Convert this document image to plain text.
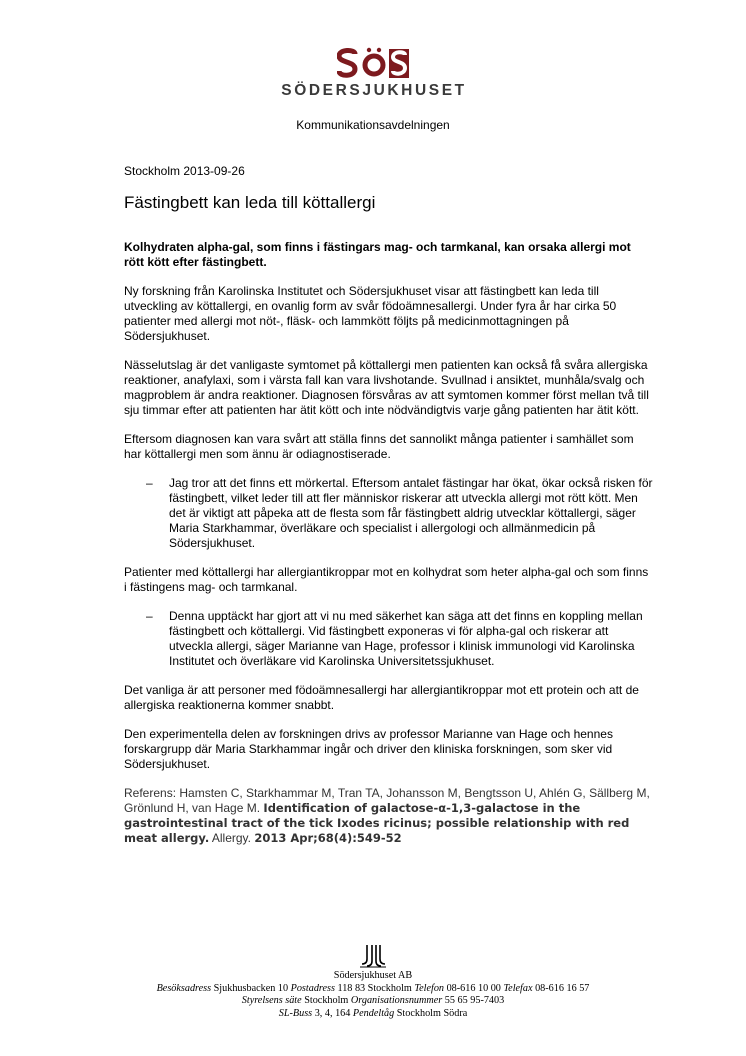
SÖDERSJUKHUSET
Kommunikationsavdelningen
Stockholm 2013-09-26
Fästingbett kan leda till köttallergi

Kolhydraten alpha-gal, som finns i fästingars mag- och tarmkanal, kan orsaka allergi mot rött kött efter fästingbett.

Ny forskning från Karolinska Institutet och Södersjukhuset visar att fästingbett kan leda till utveckling av köttallergi, en ovanlig form av svår födoämnesallergi. Under fyra år har cirka 50 patienter med allergi mot nöt-, fläsk- och lammkött följts på medicinmottagningen på Södersjukhuset.

Nässelutslag är det vanligaste symtomet på köttallergi men patienten kan också få svåra allergiska reaktioner, anafylaxi, som i värsta fall kan vara livshotande. Svullnad i ansiktet, munhåla/svalg och magproblem är andra reaktioner. Diagnosen försvåras av att symtomen kommer först mellan två till sju timmar efter att patienten har ätit kött och inte nödvändigtvis varje gång patienten har ätit kött.

Eftersom diagnosen kan vara svårt att ställa finns det sannolikt många patienter i samhället som har köttallergi men som ännu är odiagnostiserade.

–	Jag tror att det finns ett mörkertal. Eftersom antalet fästingar har ökat, ökar också risken för fästingbett, vilket leder till att fler människor riskerar att utveckla allergi mot rött kött. Men det är viktigt att påpeka att de flesta som får fästingbett aldrig utvecklar köttallergi, säger Maria Starkhammar, överläkare och specialist i allergologi och allmänmedicin på Södersjukhuset.

Patienter med köttallergi har allergiantikroppar mot en kolhydrat som heter alpha-gal och som finns i fästingens mag- och tarmkanal.

–	Denna upptäckt har gjort att vi nu med säkerhet kan säga att det finns en koppling mellan fästingbett och köttallergi. Vid fästingbett exponeras vi för alpha-gal och riskerar att utveckla allergi, säger Marianne van Hage, professor i klinisk immunologi vid Karolinska Institutet och överläkare vid Karolinska Universitetssjukhuset.

Det vanliga är att personer med födoämnesallergi har allergiantikroppar mot ett protein och att de allergiska reaktionerna kommer snabbt.

Den experimentella delen av forskningen drivs av professor Marianne van Hage och hennes forskargrupp där Maria Starkhammar ingår och driver den kliniska forskningen, som sker vid Södersjukhuset.

Referens: Hamsten C, Starkhammar M, Tran TA, Johansson M, Bengtsson U, Ahlén G, Sällberg M, Grönlund H, van Hage M. Identification of galactose-α-1,3-galactose in the gastrointestinal tract of the tick Ixodes ricinus; possible relationship with red meat allergy. Allergy. 2013 Apr;68(4):549-52

Södersjukhuset AB
Besöksadress Sjukhusbacken 10 Postadress 118 83 Stockholm Telefon 08-616 10 00 Telefax 08-616 16 57
Styrelsens säte Stockholm Organisationsnummer 55 65 95-7403
SL-Buss 3, 4, 164 Pendeltåg Stockholm Södra
